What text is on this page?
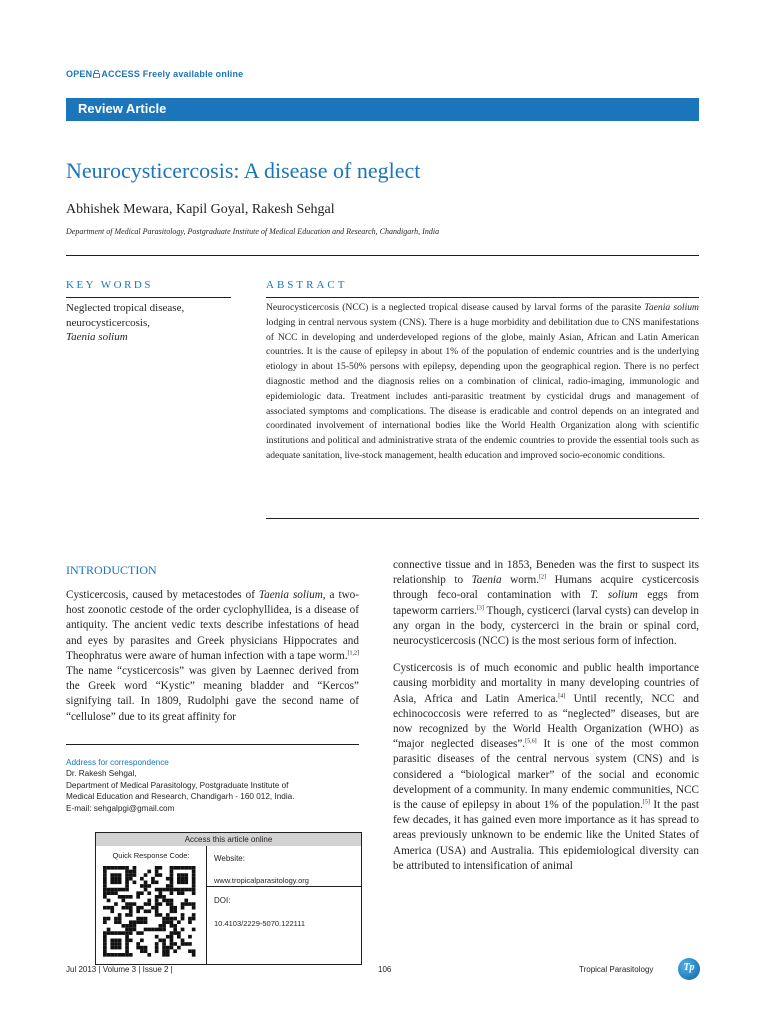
OPEN ACCESS Freely available online
Review Article
Neurocysticercosis: A disease of neglect
Abhishek Mewara, Kapil Goyal, Rakesh Sehgal
Department of Medical Parasitology, Postgraduate Institute of Medical Education and Research, Chandigarh, India
KEY WORDS	ABSTRACT
Neglected tropical disease,
neurocysticercosis,
Taenia solium
Neurocysticercosis (NCC) is a neglected tropical disease caused by larval forms of the parasite Taenia solium lodging in central nervous system (CNS). There is a huge morbidity and debilitation due to CNS manifestations of NCC in developing and underdeveloped regions of the globe, mainly Asian, African and Latin American countries. It is the cause of epilepsy in about 1% of the population of endemic countries and is the underlying etiology in about 15-50% persons with epilepsy, depending upon the geographical region. There is no perfect diagnostic method and the diagnosis relies on a combination of clinical, radio-imaging, immunologic and epidemiologic data. Treatment includes anti-parasitic treatment by cysticidal drugs and management of associated symptoms and complications. The disease is eradicable and control depends on an integrated and coordinated involvement of international bodies like the World Health Organization along with scientific institutions and political and administrative strata of the endemic countries to provide the essential tools such as adequate sanitation, live-stock management, health education and improved socio-economic conditions.
INTRODUCTION
Cysticercosis, caused by metacestodes of Taenia solium, a two-host zoonotic cestode of the order cyclophyllidea, is a disease of antiquity. The ancient vedic texts describe infestations of head and eyes by parasites and Greek physicians Hippocrates and Theophratus were aware of human infection with a tape worm.[1,2] The name “cysticercosis” was given by Laennec derived from the Greek word “Kystic” meaning bladder and “Kercos” signifying tail. In 1809, Rudolphi gave the second name of “cellulose” due to its great affinity for
connective tissue and in 1853, Beneden was the first to suspect its relationship to Taenia worm.[2] Humans acquire cysticercosis through feco-oral contamination with T. solium eggs from tapeworm carriers.[3] Though, cysticerci (larval cysts) can develop in any organ in the body, cystercerci in the brain or spinal cord, neurocysticercosis (NCC) is the most serious form of infection.
Cysticercosis is of much economic and public health importance causing morbidity and mortality in many developing countries of Asia, Africa and Latin America.[4] Until recently, NCC and echinococcosis were referred to as “neglected” diseases, but are now recognized by the World Health Organization (WHO) as “major neglected diseases”.[5,6] It is one of the most common parasitic diseases of the central nervous system (CNS) and is considered a “biological marker” of the social and economic development of a community. In many endemic communities, NCC is the cause of epilepsy in about 1% of the population.[5] It the past few decades, it has gained even more importance as it has spread to areas previously unknown to be endemic like the United States of America (USA) and Australia. This epidemiological diversity can be attributed to intensification of animal
Address for correspondence
Dr. Rakesh Sehgal,
Department of Medical Parasitology, Postgraduate Institute of
Medical Education and Research, Chandigarh - 160 012, India.
E-mail: sehgalpgi@gmail.com
Access this article online
Quick Response Code:	Website:
www.tropicalparasitology.org
DOI:
10.4103/2229-5070.122111
Jul 2013 | Volume 3 | Issue 2 |	106	Tropical Parasitology	Tp
